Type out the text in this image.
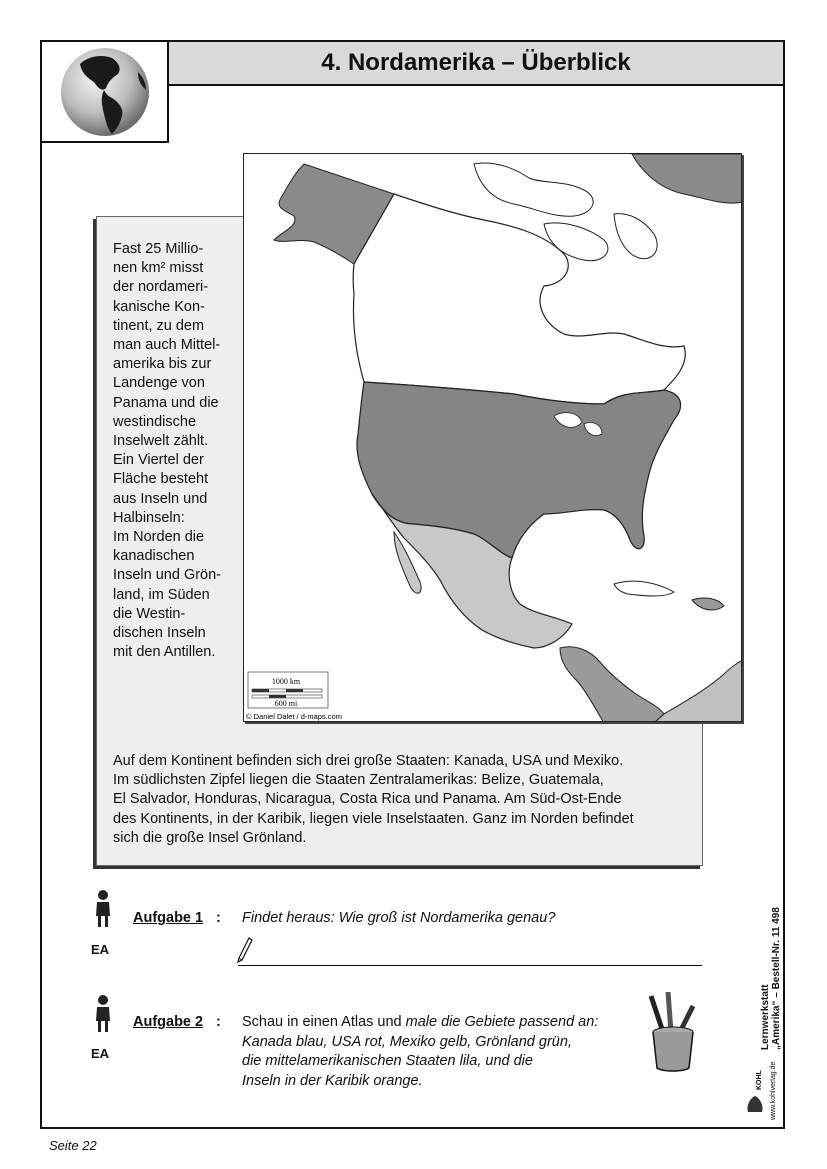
4. Nordamerika – Überblick

Fast 25 Millio-

nen km² misst

der nordameri-

kanische Kon-

tinent, zu dem

man auch Mittel-

amerika bis zur

Landenge von

Panama und die

westindische

Inselwelt zählt.

Ein Viertel der

Fläche besteht

aus Inseln und

Halbinseln:

Im Norden die

kanadischen

Inseln und Grön-

land, im Süden

die Westin-

dischen Inseln

mit den Antillen.

1000 km
600 mi
© Daniel Dalet / d-maps.com
Auf dem Kontinent befinden sich drei große Staaten: Kanada, USA und Mexiko.
Im südlichsten Zipfel liegen die Staaten Zentralamerikas: Belize, Guatemala,
El Salvador, Honduras, Nicaragua, Costa Rica und Panama. Am Süd-Ost-Ende
des Kontinents, in der Karibik, liegen viele Inselstaaten. Ganz im Norden befindet
sich die große Insel Grönland.
EA
Aufgabe 1 : Findet heraus: Wie groß ist Nordamerika genau?
EA
Aufgabe 2 : Schau in einen Atlas und male die Gebiete passend an:
Kanada blau, USA rot, Mexiko gelb, Grönland grün,
die mittelamerikanischen Staaten lila, und die
Inseln in der Karibik orange.
Lernwerkstatt „Amerika“ – Bestell-Nr. 11 498
www.kohlverlag.de
KOHL
Seite 22
